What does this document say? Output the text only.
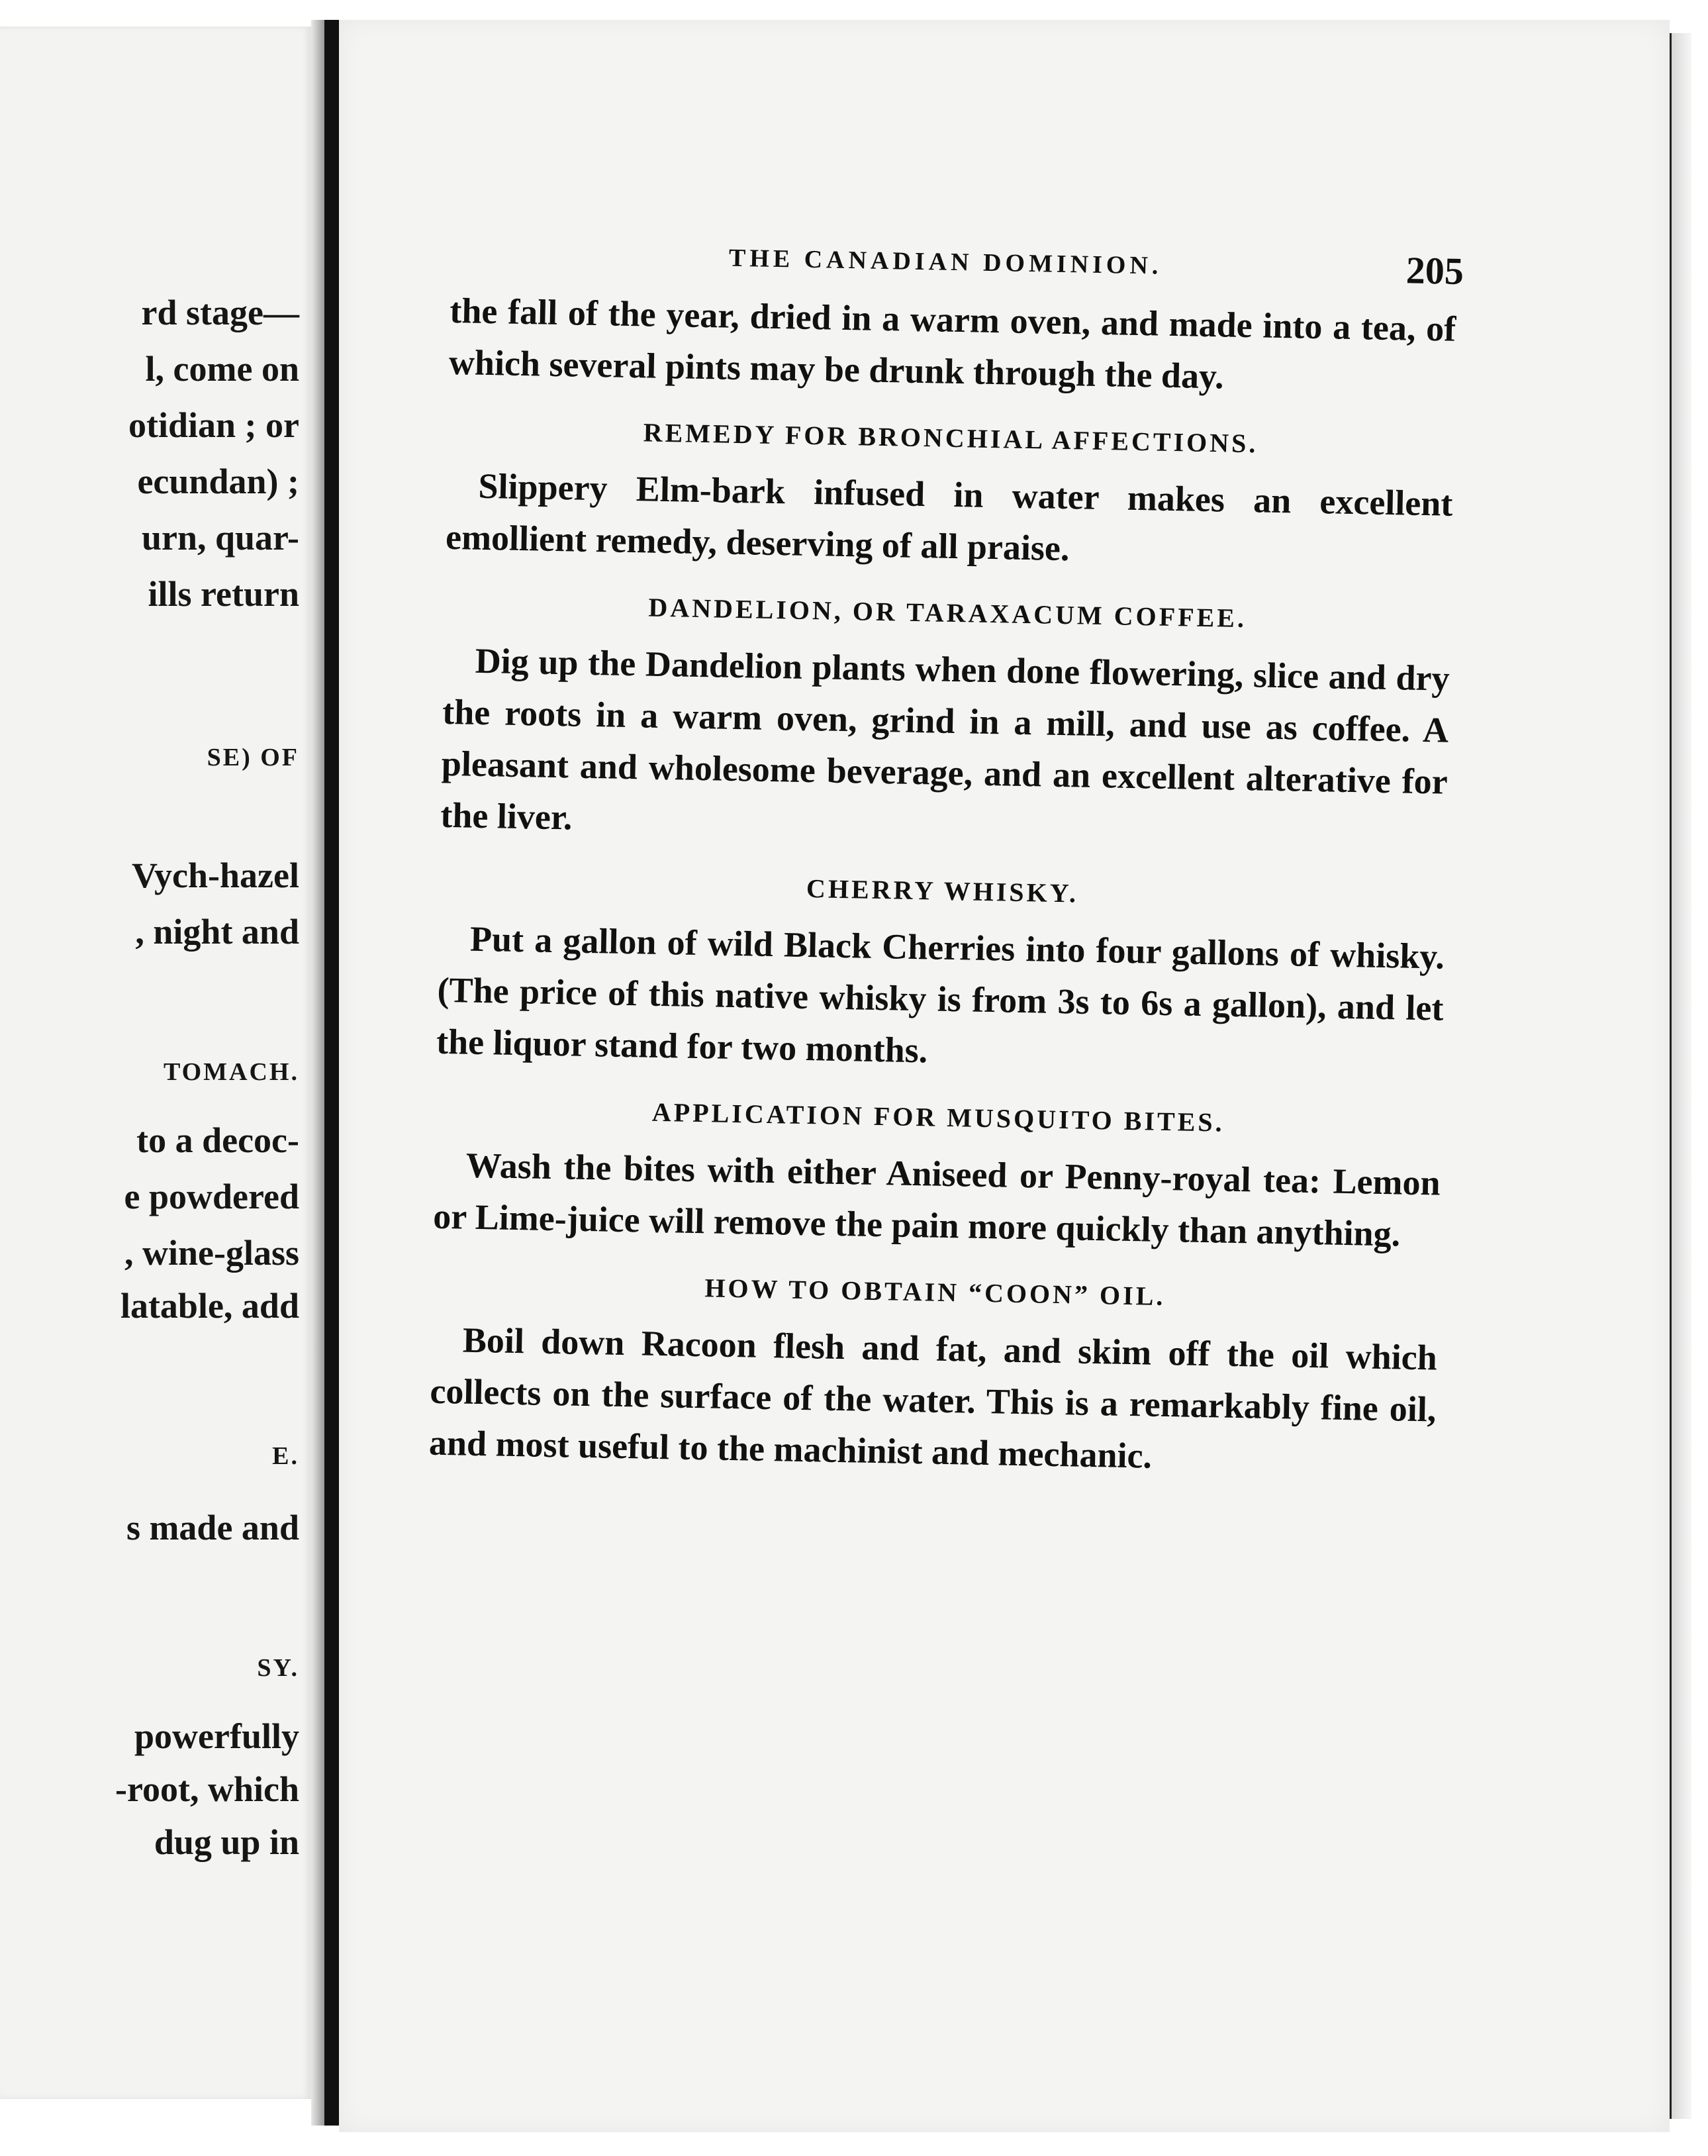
rd stage—
l, come on
otidian ; or
ecundan) ;
urn, quar-
ills return
SE) OF
Vych-hazel
, night and
TOMACH.
to a decoc-
e powdered
, wine-glass
latable, add
E.
s made and
SY.
powerfully
-root, which
dug up in
THE CANADIAN DOMINION.	205

the fall of the year, dried in a warm oven, and made into a tea, of which several pints may be drunk through the day.

REMEDY FOR BRONCHIAL AFFECTIONS.

Slippery Elm-bark infused in water makes an excellent emollient remedy, deserving of all praise.

DANDELION, OR TARAXACUM COFFEE.

Dig up the Dandelion plants when done flowering, slice and dry the roots in a warm oven, grind in a mill, and use as coffee. A pleasant and wholesome beverage, and an excellent alterative for the liver.

CHERRY WHISKY.

Put a gallon of wild Black Cherries into four gallons of whisky. (The price of this native whisky is from 3s to 6s a gallon), and let the liquor stand for two months.

APPLICATION FOR MUSQUITO BITES.

Wash the bites with either Aniseed or Penny-royal tea: Lemon or Lime-juice will remove the pain more quickly than anything.

HOW TO OBTAIN “COON” OIL.

Boil down Racoon flesh and fat, and skim off the oil which collects on the surface of the water. This is a remarkably fine oil, and most useful to the machinist and mechanic.
